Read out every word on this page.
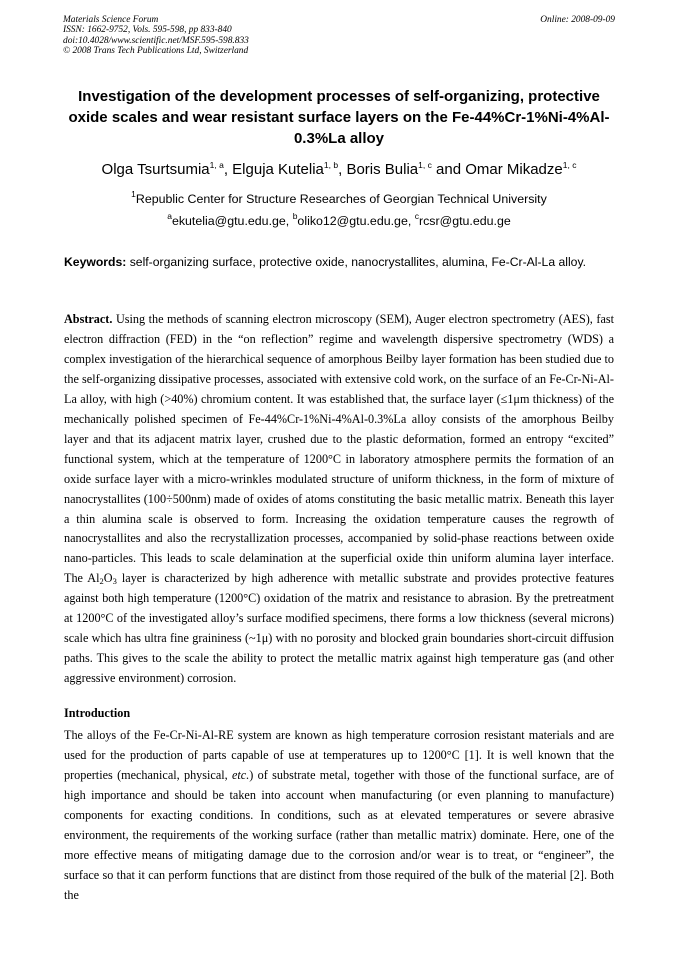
Materials Science Forum
ISSN: 1662-9752, Vols. 595-598, pp 833-840
doi:10.4028/www.scientific.net/MSF.595-598.833
© 2008 Trans Tech Publications Ltd, Switzerland
Online: 2008-09-09
Investigation of the development processes of self-organizing, protective oxide scales and wear resistant surface layers on the Fe-44%Cr-1%Ni-4%Al-0.3%La alloy
Olga Tsurtsumia$^{1, a}$, Elguja Kutelia$^{1, b}$, Boris Bulia$^{1, c}$ and Omar Mikadze$^{1, c}$
$^1$Republic Center for Structure Researches of Georgian Technical University
$^a$ekutelia@gtu.edu.ge, $^b$oliko12@gtu.edu.ge, $^c$rcsr@gtu.edu.ge
Keywords: self-organizing surface, protective oxide, nanocrystallites, alumina, Fe-Cr-Al-La alloy.
Abstract. Using the methods of scanning electron microscopy (SEM), Auger electron spectrometry (AES), fast electron diffraction (FED) in the “on reflection” regime and wavelength dispersive spectrometry (WDS) a complex investigation of the hierarchical sequence of amorphous Beilby layer formation has been studied due to the self-organizing dissipative processes, associated with extensive cold work, on the surface of an Fe-Cr-Ni-Al-La alloy, with high (>40%) chromium content. It was established that, the surface layer (≤1μm thickness) of the mechanically polished specimen of Fe-44%Cr-1%Ni-4%Al-0.3%La alloy consists of the amorphous Beilby layer and that its adjacent matrix layer, crushed due to the plastic deformation, formed an entropy “excited” functional system, which at the temperature of 1200°C in laboratory atmosphere permits the formation of an oxide surface layer with a micro-wrinkles modulated structure of uniform thickness, in the form of mixture of nanocrystallites (100÷500nm) made of oxides of atoms constituting the basic metallic matrix. Beneath this layer a thin alumina scale is observed to form. Increasing the oxidation temperature causes the regrowth of nanocrystallites and also the recrystallization processes, accompanied by solid-phase reactions between oxide nano-particles. This leads to scale delamination at the superficial oxide thin uniform alumina layer interface. The $Al_2O_3$ layer is characterized by high adherence with metallic substrate and provides protective features against both high temperature (1200°C) oxidation of the matrix and resistance to abrasion. By the pretreatment at 1200°C of the investigated alloy’s surface modified specimens, there forms a low thickness (several microns) scale which has ultra fine graininess (~1μ) with no porosity and blocked grain boundaries short-circuit diffusion paths. This gives to the scale the ability to protect the metallic matrix against high temperature gas (and other aggressive environment) corrosion.
Introduction
The alloys of the Fe-Cr-Ni-Al-RE system are known as high temperature corrosion resistant materials and are used for the production of parts capable of use at temperatures up to 1200°C [1]. It is well known that the properties (mechanical, physical, etc.) of substrate metal, together with those of the functional surface, are of high importance and should be taken into account when manufacturing (or even planning to manufacture) components for exacting conditions. In conditions, such as at elevated temperatures or severe abrasive environment, the requirements of the working surface (rather than metallic matrix) dominate. Here, one of the more effective means of mitigating damage due to the corrosion and/or wear is to treat, or “engineer”, the surface so that it can perform functions that are distinct from those required of the bulk of the material [2]. Both the
